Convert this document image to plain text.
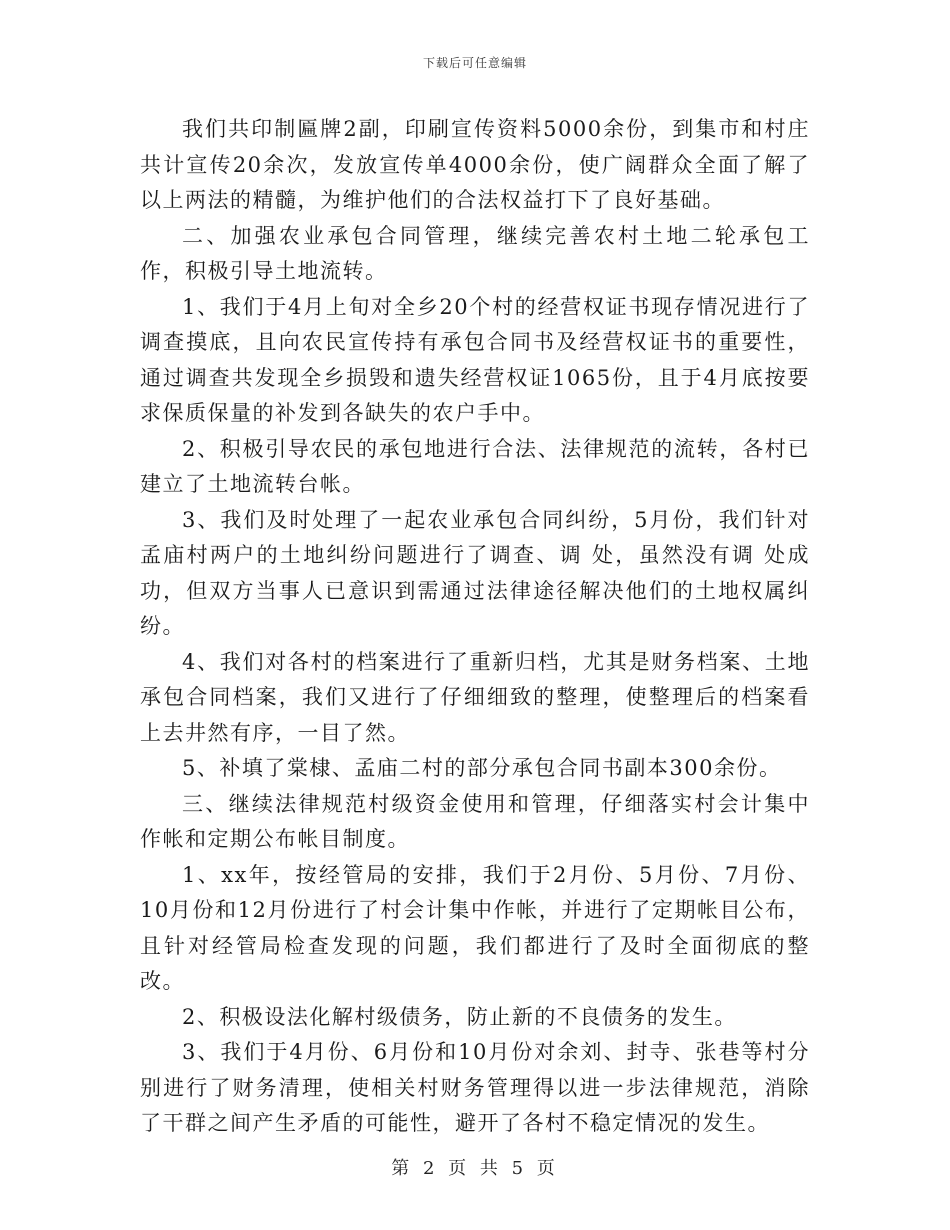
下载后可任意编辑

我们共印制匾牌2副，印刷宣传资料5000余份，到集市和村庄共计宣传20余次，发放宣传单4000余份，使广阔群众全面了解了以上两法的精髓，为维护他们的合法权益打下了良好基础。

二、加强农业承包合同管理，继续完善农村土地二轮承包工作，积极引导土地流转。

1、我们于4月上旬对全乡20个村的经营权证书现存情况进行了调查摸底，且向农民宣传持有承包合同书及经营权证书的重要性，通过调查共发现全乡损毁和遗失经营权证1065份，且于4月底按要求保质保量的补发到各缺失的农户手中。

2、积极引导农民的承包地进行合法、法律规范的流转，各村已建立了土地流转台帐。

3、我们及时处理了一起农业承包合同纠纷，5月份，我们针对孟庙村两户的土地纠纷问题进行了调查、调 处，虽然没有调 处成功，但双方当事人已意识到需通过法律途径解决他们的土地权属纠纷。

4、我们对各村的档案进行了重新归档，尤其是财务档案、土地承包合同档案，我们又进行了仔细细致的整理，使整理后的档案看上去井然有序，一目了然。

5、补填了棠棣、孟庙二村的部分承包合同书副本300余份。

三、继续法律规范村级资金使用和管理，仔细落实村会计集中作帐和定期公布帐目制度。

1、xx年，按经管局的安排，我们于2月份、5月份、7月份、10月份和12月份进行了村会计集中作帐，并进行了定期帐目公布，且针对经管局检查发现的问题，我们都进行了及时全面彻底的整改。

2、积极设法化解村级债务，防止新的不良债务的发生。

3、我们于4月份、6月份和10月份对余刘、封寺、张巷等村分别进行了财务清理，使相关村财务管理得以进一步法律规范，消除了干群之间产生矛盾的可能性，避开了各村不稳定情况的发生。

第 2 页 共 5 页
